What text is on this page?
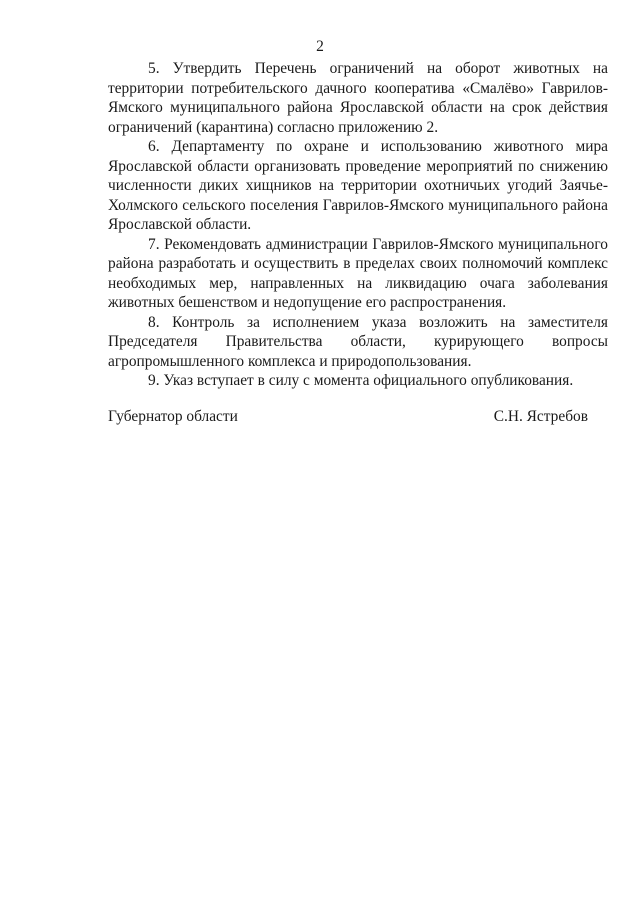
2

5. Утвердить Перечень ограничений на оборот животных на территории потребительского дачного кооператива «Смалёво» Гаврилов-Ямского муниципального района Ярославской области на срок действия ограничений (карантина) согласно приложению 2.

6. Департаменту по охране и использованию животного мира Ярославской области организовать проведение мероприятий по снижению численности диких хищников на территории охотничьих угодий Заячье-Холмского сельского поселения Гаврилов-Ямского муниципального района Ярославской области.

7. Рекомендовать администрации Гаврилов-Ямского муниципального района разработать и осуществить в пределах своих полномочий комплекс необходимых мер, направленных на ликвидацию очага заболевания животных бешенством и недопущение его распространения.

8. Контроль за исполнением указа возложить на заместителя Председателя Правительства области, курирующего вопросы агропромышленного комплекса и природопользования.

9. Указ вступает в силу с момента официального опубликования.

Губернатор области	С.Н. Ястребов
